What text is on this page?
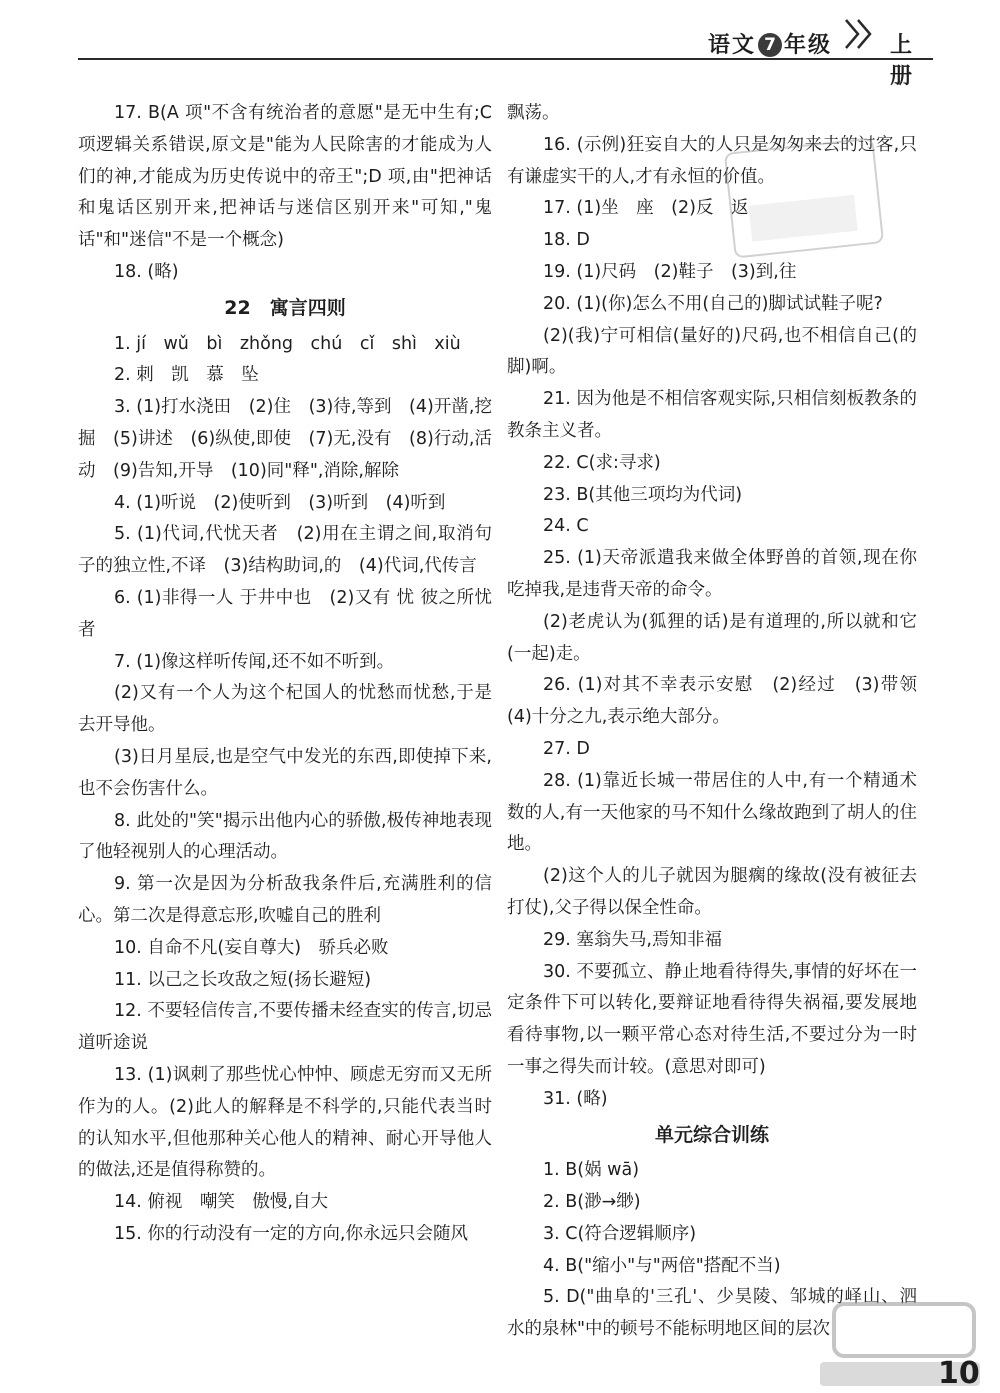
语文 7 年级	上册

17. B(A 项"不含有统治者的意愿"是无中生有;C 项逻辑关系错误,原文是"能为人民除害的才能成为人们的神,才能成为历史传说中的帝王";D 项,由"把神话和鬼话区别开来,把神话与迷信区别开来"可知,"鬼话"和"迷信"不是一个概念)

18. (略)

22　寓言四则

1. jí　wǔ　bì　zhǒng　chú　cǐ　shì　xiù

2. 刺　凯　慕　坠

3. (1)打水浇田　(2)住　(3)待,等到　(4)开凿,挖掘　(5)讲述　(6)纵使,即使　(7)无,没有　(8)行动,活动　(9)告知,开导　(10)同"释",消除,解除

4. (1)听说　(2)使听到　(3)听到　(4)听到

5. (1)代词,代忧天者　(2)用在主谓之间,取消句子的独立性,不译　(3)结构助词,的　(4)代词,代传言

6. (1)非得一人 于井中也　(2)又有 忧 彼之所忧 者

7. (1)像这样听传闻,还不如不听到。

(2)又有一个人为这个杞国人的忧愁而忧愁,于是去开导他。

(3)日月星辰,也是空气中发光的东西,即使掉下来,也不会伤害什么。

8. 此处的"笑"揭示出他内心的骄傲,极传神地表现了他轻视别人的心理活动。

9. 第一次是因为分析敌我条件后,充满胜利的信心。第二次是得意忘形,吹嘘自己的胜利

10. 自命不凡(妄自尊大)　骄兵必败

11. 以己之长攻敌之短(扬长避短)

12. 不要轻信传言,不要传播未经查实的传言,切忌道听途说

13. (1)讽刺了那些忧心忡忡、顾虑无穷而又无所作为的人。(2)此人的解释是不科学的,只能代表当时的认知水平,但他那种关心他人的精神、耐心开导他人的做法,还是值得称赞的。

14. 俯视　嘲笑　傲慢,自大

15. 你的行动没有一定的方向,你永远只会随风

飘荡。

16. (示例)狂妄自大的人只是匆匆来去的过客,只有谦虚实干的人,才有永恒的价值。

17. (1)坐　座　(2)反　返

18. D

19. (1)尺码　(2)鞋子　(3)到,往

20. (1)(你)怎么不用(自己的)脚试试鞋子呢?

(2)(我)宁可相信(量好的)尺码,也不相信自己(的脚)啊。

21. 因为他是不相信客观实际,只相信刻板教条的教条主义者。

22. C(求:寻求)

23. B(其他三项均为代词)

24. C

25. (1)天帝派遣我来做全体野兽的首领,现在你吃掉我,是违背天帝的命令。

(2)老虎认为(狐狸的话)是有道理的,所以就和它(一起)走。

26. (1)对其不幸表示安慰　(2)经过　(3)带领　(4)十分之九,表示绝大部分。

27. D

28. (1)靠近长城一带居住的人中,有一个精通术数的人,有一天他家的马不知什么缘故跑到了胡人的住地。

(2)这个人的儿子就因为腿瘸的缘故(没有被征去打仗),父子得以保全性命。

29. 塞翁失马,焉知非福

30. 不要孤立、静止地看待得失,事情的好坏在一定条件下可以转化,要辩证地看待得失祸福,要发展地看待事物,以一颗平常心态对待生活,不要过分为一时一事之得失而计较。(意思对即可)

31. (略)

单元综合训练

1. B(娲 wā)

2. B(渺→缈)

3. C(符合逻辑顺序)

4. B("缩小"与"两倍"搭配不当)

5. D("曲阜的'三孔'、少昊陵、邹城的峄山、泗水的泉林"中的顿号不能标明地区间的层次

10
